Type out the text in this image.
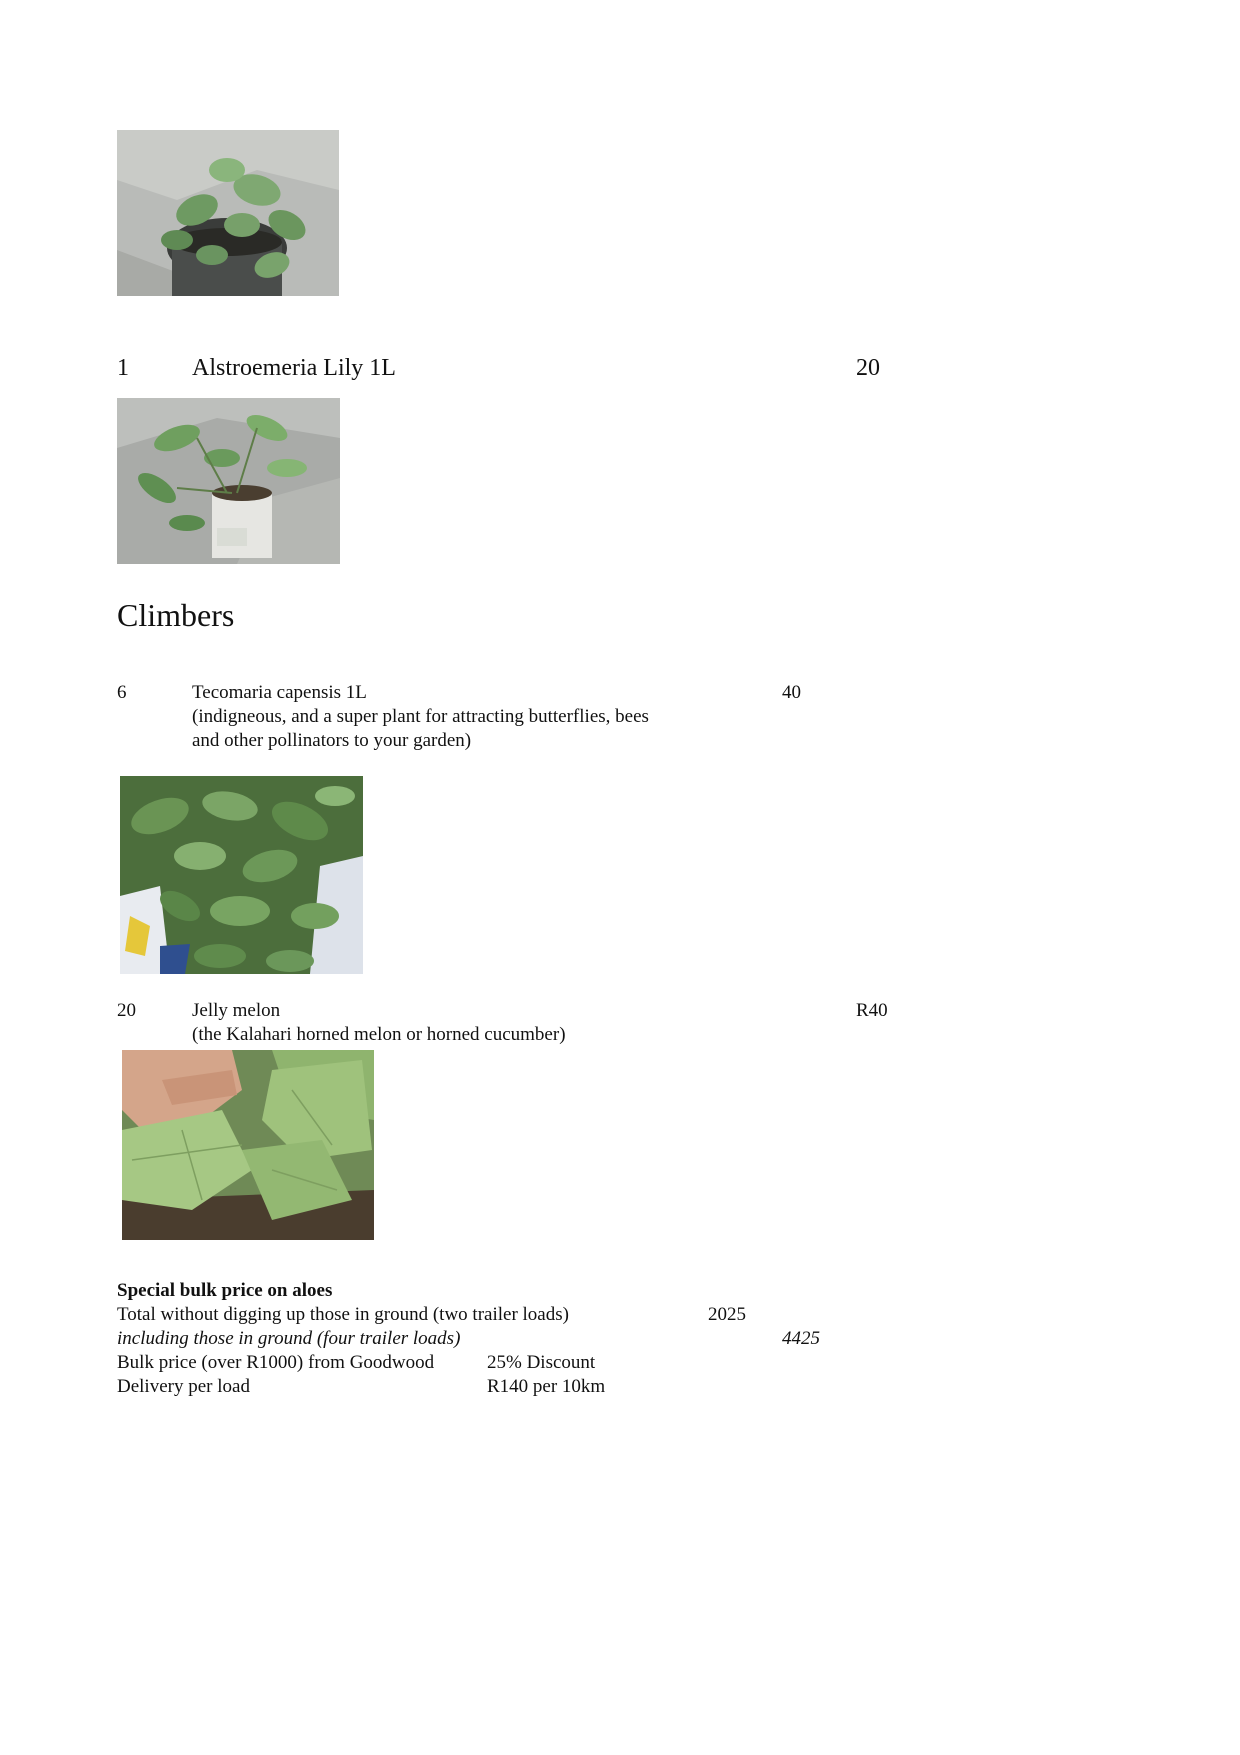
1	Alstroemeria Lily 1L	20
Climbers
6	Tecomaria capensis 1L	40
(indigneous, and a super plant for attracting butterflies, bees
and other pollinators to your garden)
20	Jelly melon	R40
(the Kalahari horned melon or horned cucumber)
Special bulk price on aloes
Total without digging up those in ground (two trailer loads)	2025
including those in ground (four trailer loads)	4425
Bulk price (over R1000) from Goodwood	25% Discount
Delivery per load	R140 per 10km
